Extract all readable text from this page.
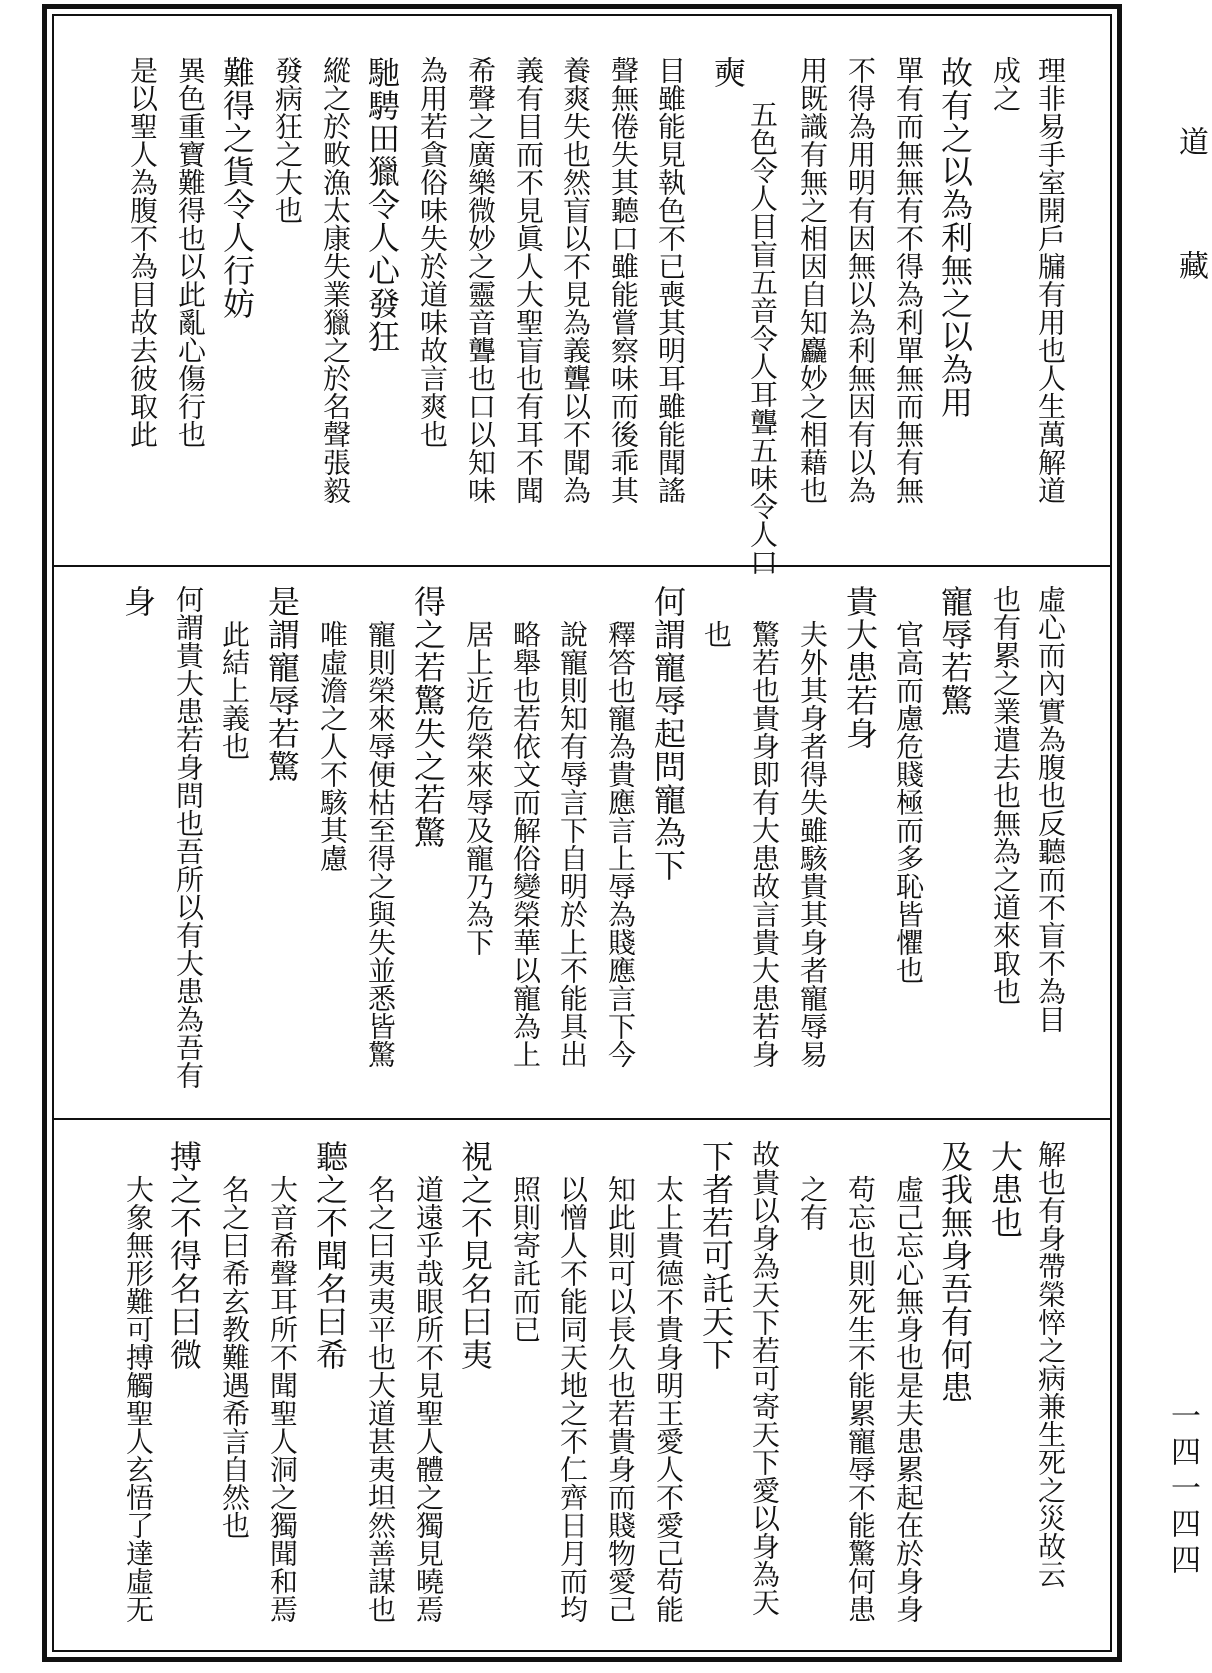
道
藏
一四一四四
理非易手室開戶牖有用也人生萬解道
成之
故有之以為利無之以為用
單有而無無有不得為利單無而無有無
不得為用明有因無以為利無因有以為
用既識有無之相因自知麤妙之相藉也
奭
五色令人目盲五音令人耳聾五味令人口
目雖能見執色不已喪其明耳雖能聞謠
聲無倦失其聽口雖能嘗察味而後乖其
養爽失也然盲以不見為義聾以不聞為
義有目而不見眞人大聖盲也有耳不聞
希聲之廣樂微妙之靈音聾也口以知味
為用若貪俗味失於道味故言爽也
馳騁田獵令人心發狂
縱之於畋漁太康失業獵之於名聲張毅
發病狂之大也
難得之貨令人行妨
異色重寶難得也以此亂心傷行也
是以聖人為腹不為目故去彼取此
虛心而內實為腹也反聽而不盲不為目
也有累之業遣去也無為之道來取也
寵辱若驚
官高而慮危賤極而多恥皆懼也
貴大患若身
夫外其身者得失雖駭貴其身者寵辱易
驚若也貴身即有大患故言貴大患若身
也
何謂寵辱起問寵為下
釋答也寵為貴應言上辱為賤應言下今
說寵則知有辱言下自明於上不能具出
略舉也若依文而解俗變榮華以寵為上
居上近危榮來辱及寵乃為下
得之若驚失之若驚
寵則榮來辱便枯至得之與失並悉皆驚
唯虛澹之人不駭其慮
是謂寵辱若驚
此結上義也
何謂貴大患若身問也吾所以有大患為吾有
身
解也有身帶榮悴之病兼生死之災故云
大患也
及我無身吾有何患
虛己忘心無身也是夫患累起在於身身
苟忘也則死生不能累寵辱不能驚何患
之有
故貴以身為天下若可寄天下愛以身為天
下者若可託天下
太上貴德不貴身明王愛人不愛己苟能
知此則可以長久也若貴身而賤物愛己
以憎人不能同天地之不仁齊日月而均
照則寄託而已
視之不見名曰夷
道遠乎哉眼所不見聖人體之獨見曉焉
名之曰夷夷平也大道甚夷坦然善謀也
聽之不聞名曰希
大音希聲耳所不聞聖人洞之獨聞和焉
名之曰希玄教難遇希言自然也
搏之不得名曰微
大象無形難可搏觸聖人玄悟了達虛无
